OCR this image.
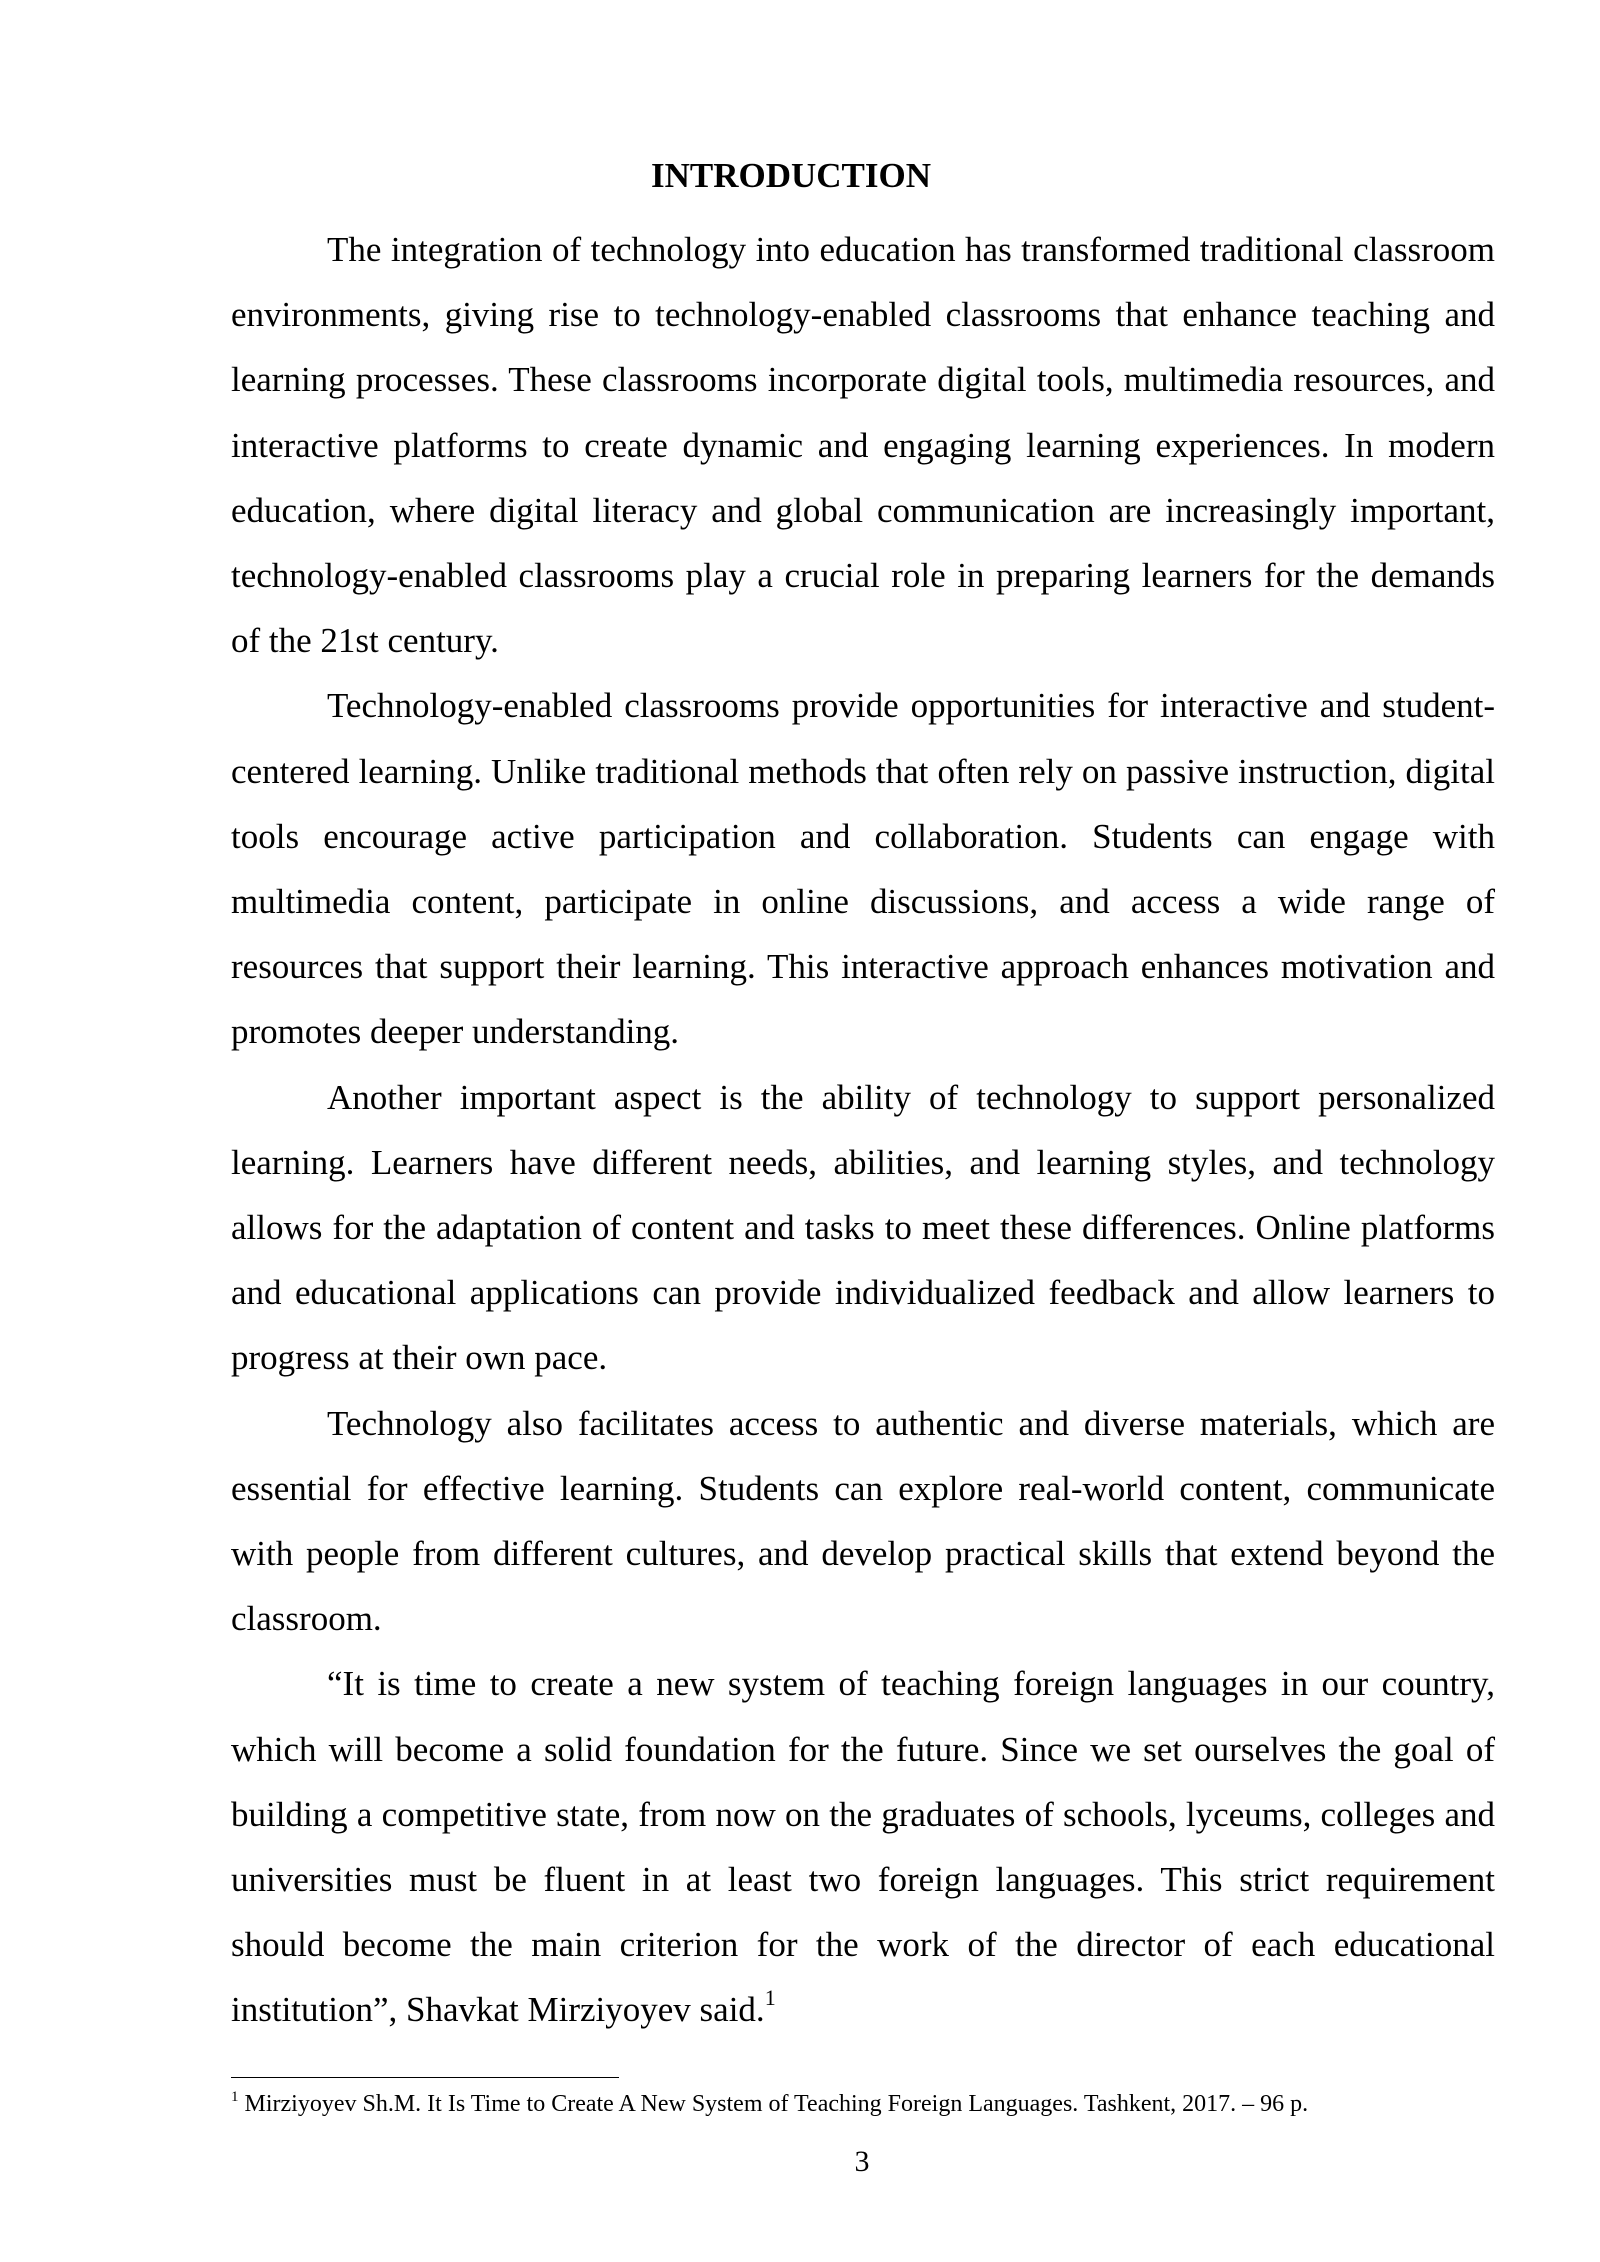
INTRODUCTION

The integration of technology into education has transformed traditional classroom environments, giving rise to technology-enabled classrooms that enhance teaching and learning processes. These classrooms incorporate digital tools, multimedia resources, and interactive platforms to create dynamic and engaging learning experiences. In modern education, where digital literacy and global communication are increasingly important, technology-enabled classrooms play a crucial role in preparing learners for the demands of the 21st century.

Technology-enabled classrooms provide opportunities for interactive and student-centered learning. Unlike traditional methods that often rely on passive instruction, digital tools encourage active participation and collaboration. Students can engage with multimedia content, participate in online discussions, and access a wide range of resources that support their learning. This interactive approach enhances motivation and promotes deeper understanding.

Another important aspect is the ability of technology to support personalized learning. Learners have different needs, abilities, and learning styles, and technology allows for the adaptation of content and tasks to meet these differences. Online platforms and educational applications can provide individualized feedback and allow learners to progress at their own pace.

Technology also facilitates access to authentic and diverse materials, which are essential for effective learning. Students can explore real-world content, communicate with people from different cultures, and develop practical skills that extend beyond the classroom.

“It is time to create a new system of teaching foreign languages in our country, which will become a solid foundation for the future. Since we set ourselves the goal of building a competitive state, from now on the graduates of schools, lyceums, colleges and universities must be fluent in at least two foreign languages. This strict requirement should become the main criterion for the work of the director of each educational institution”, Shavkat Mirziyoyev said.$^1$

$^1$ Mirziyoyev Sh.M. It Is Time to Create A New System of Teaching Foreign Languages. Tashkent, 2017. – 96 p.
3
